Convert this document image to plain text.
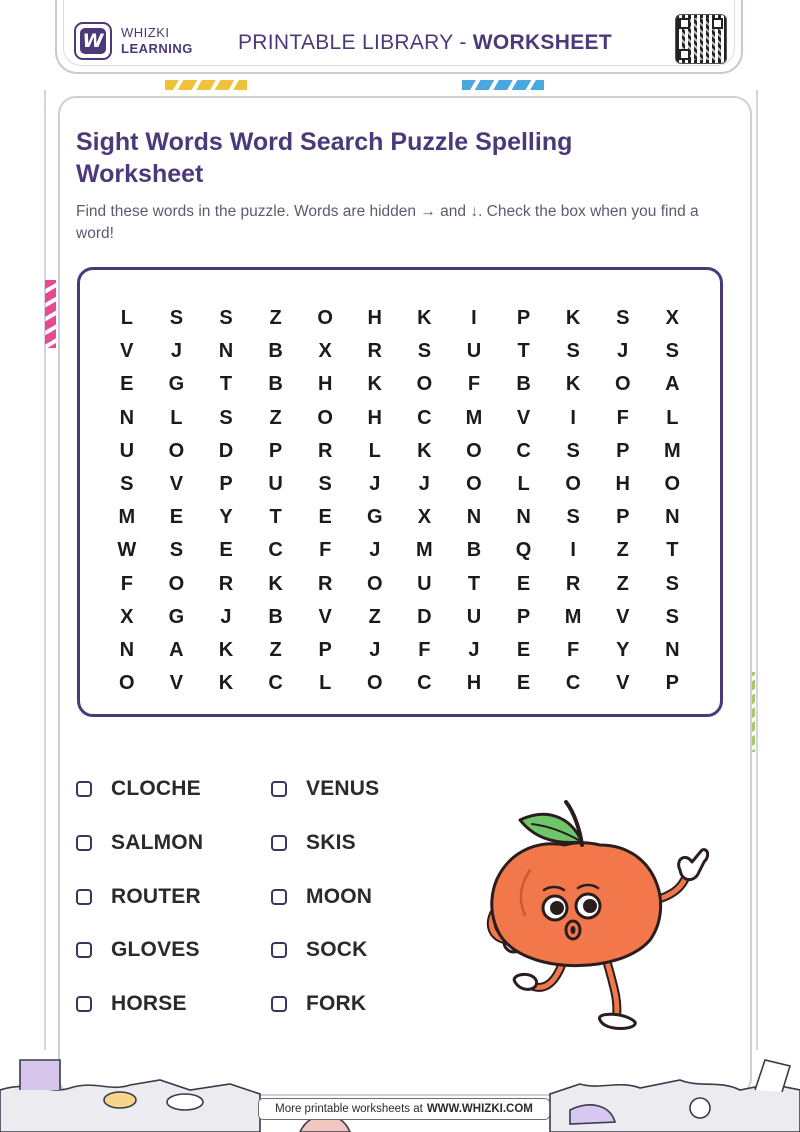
W WHIZKI
LEARNING PRINTABLE LIBRARY - WORKSHEET
Sight Words Word Search Puzzle Spelling Worksheet
Find these words in the puzzle. Words are hidden → and ↓. Check the box when you find a word!
L	S	S	Z	O	H	K	I	P	K	S	X
V	J	N	B	X	R	S	U	T	S	J	S
E	G	T	B	H	K	O	F	B	K	O	A
N	L	S	Z	O	H	C	M	V	I	F	L
U	O	D	P	R	L	K	O	C	S	P	M
S	V	P	U	S	J	J	O	L	O	H	O
M	E	Y	T	E	G	X	N	N	S	P	N
W	S	E	C	F	J	M	B	Q	I	Z	T
F	O	R	K	R	O	U	T	E	R	Z	S
X	G	J	B	V	Z	D	U	P	M	V	S
N	A	K	Z	P	J	F	J	E	F	Y	N
O	V	K	C	L	O	C	H	E	C	V	P
CLOCHE	VENUS
SALMON	SKIS
ROUTER	MOON
GLOVES	SOCK
HORSE	FORK
More printable worksheets at WWW.WHIZKI.COM
